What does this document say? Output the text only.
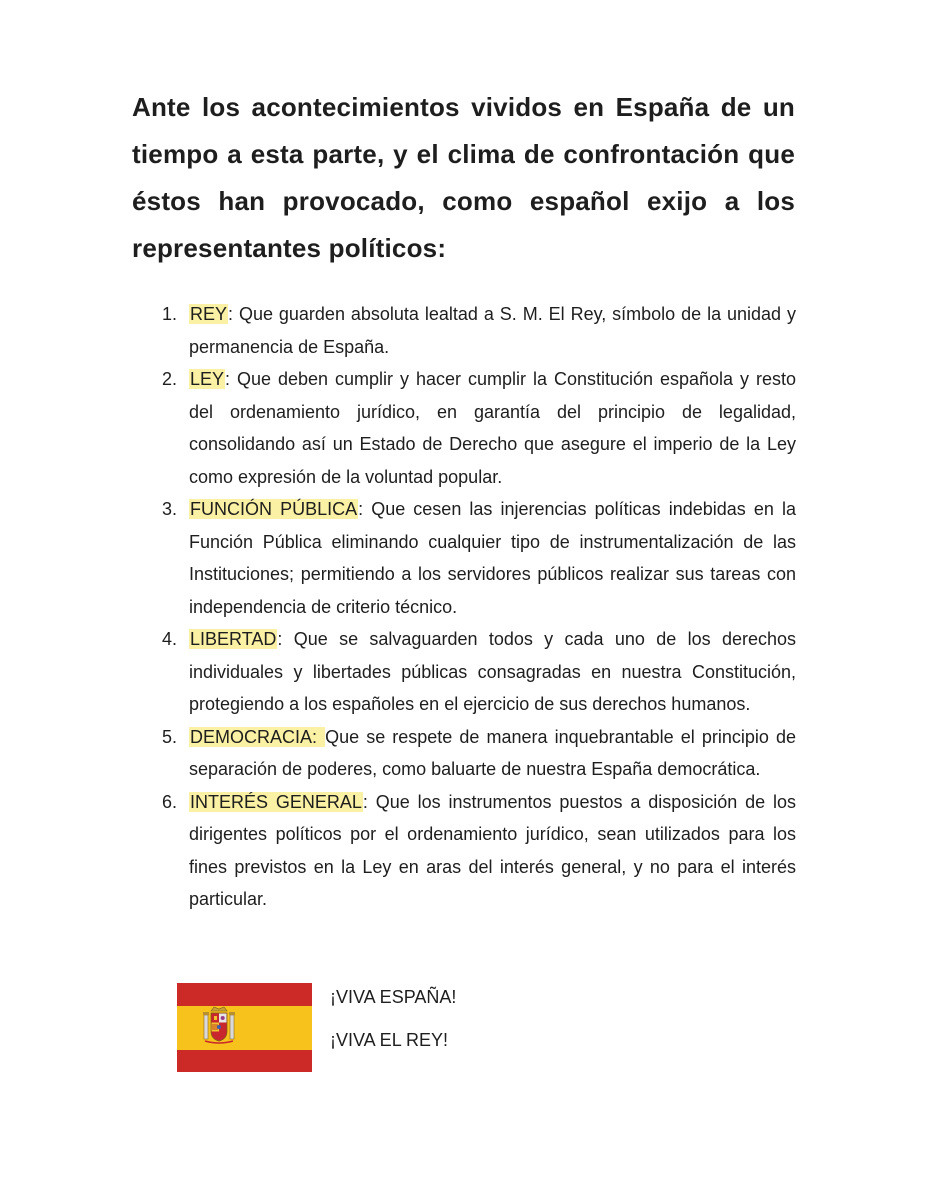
Ante los acontecimientos vividos en España de un tiempo a esta parte, y el clima de confrontación que éstos han provocado, como español exijo a los representantes políticos:

1. REY: Que guarden absoluta lealtad a S. M. El Rey, símbolo de la unidad y permanencia de España.
2. LEY: Que deben cumplir y hacer cumplir la Constitución española y resto del ordenamiento jurídico, en garantía del principio de legalidad, consolidando así un Estado de Derecho que asegure el imperio de la Ley como expresión de la voluntad popular.
3. FUNCIÓN PÚBLICA: Que cesen las injerencias políticas indebidas en la Función Pública eliminando cualquier tipo de instrumentalización de las Instituciones; permitiendo a los servidores públicos realizar sus tareas con independencia de criterio técnico.
4. LIBERTAD: Que se salvaguarden todos y cada uno de los derechos individuales y libertades públicas consagradas en nuestra Constitución, protegiendo a los españoles en el ejercicio de sus derechos humanos.
5. DEMOCRACIA: Que se respete de manera inquebrantable el principio de separación de poderes, como baluarte de nuestra España democrática.
6. INTERÉS GENERAL: Que los instrumentos puestos a disposición de los dirigentes políticos por el ordenamiento jurídico, sean utilizados para los fines previstos en la Ley en aras del interés general, y no para el interés particular.
¡VIVA ESPAÑA!
¡VIVA EL REY!
